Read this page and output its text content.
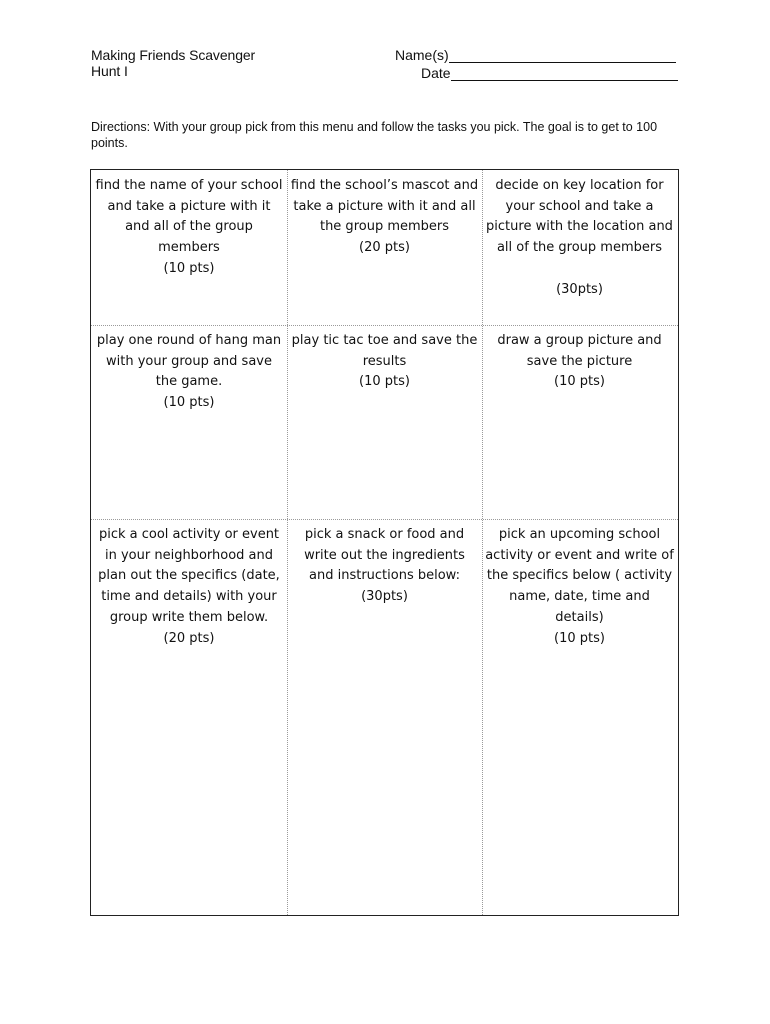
Making Friends Scavenger
Hunt I
Name(s)
Date
Directions: With your group pick from this menu and follow the tasks you pick. The goal is to get to 100 points.
find the name of your school and take a picture with it and all of the group members
(10 pts)
find the school’s mascot and take a picture with it and all the group members
(20 pts)
decide on key location for your school and take a picture with the location and all of the group members
(30pts)
play one round of hang man with your group and save the game.
(10 pts)
play tic tac toe and save the results
(10 pts)
draw a group picture and save the picture
(10 pts)
pick a cool activity or event in your neighborhood and plan out the specifics (date, time and details) with your group write them below.
(20 pts)
pick a snack or food and write out the ingredients and instructions below:
(30pts)
pick an upcoming school activity or event and write of the specifics below ( activity name, date, time and details)
(10 pts)
